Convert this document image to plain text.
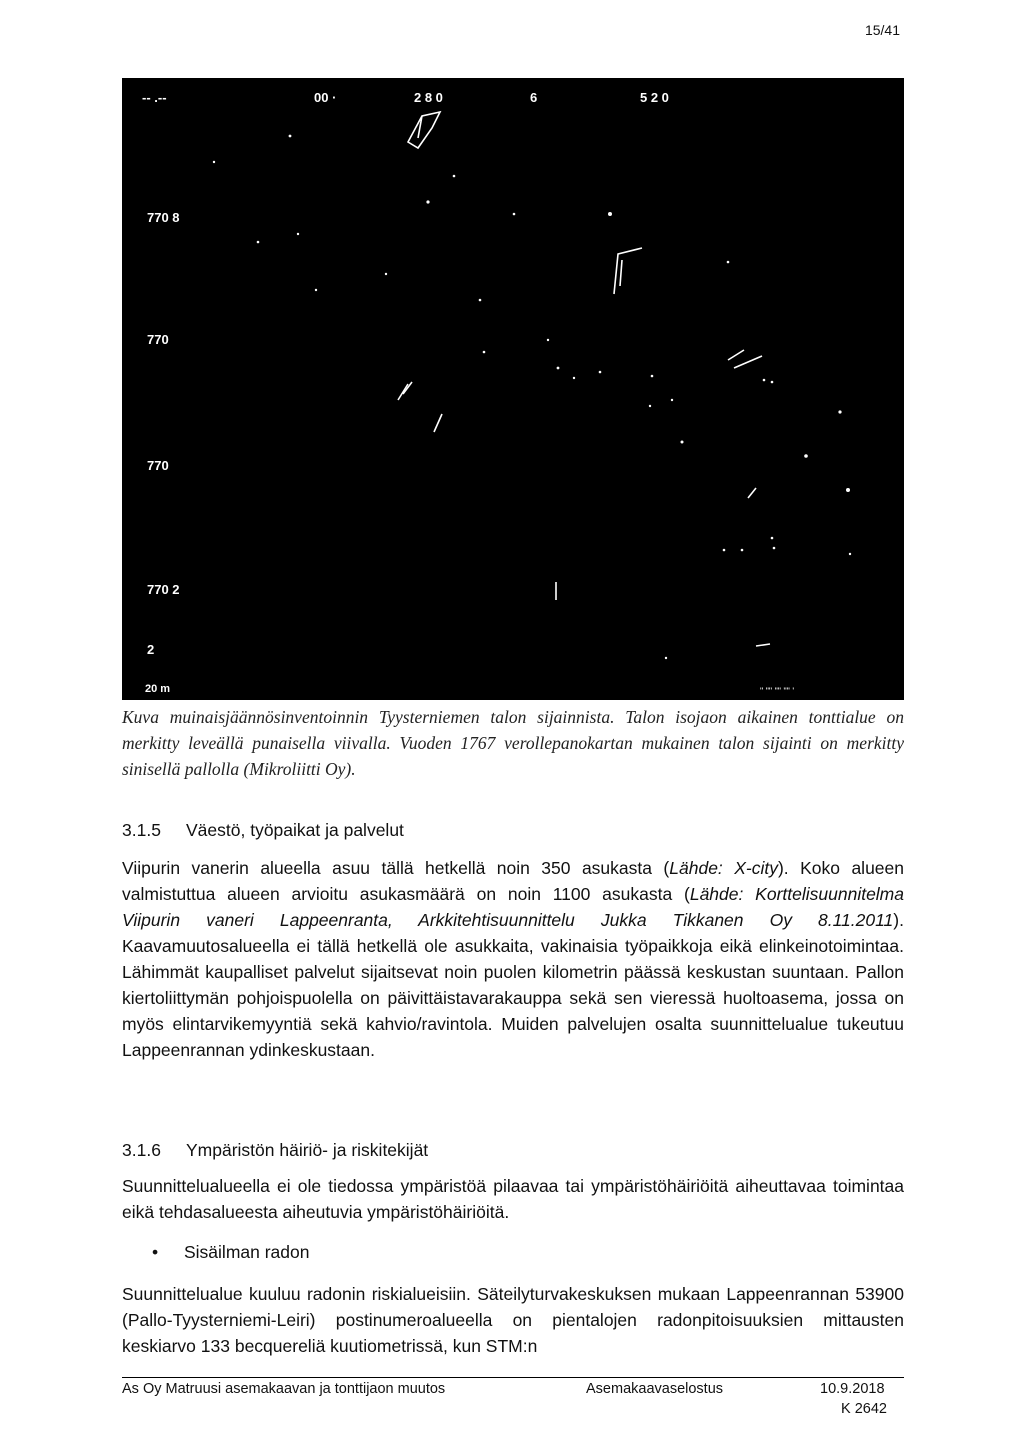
15/41
-- .--	00 ·	2 8 0	6	5 2 0
770 8
770
770
770 2
2
20 m	" "" "" "" '

Kuva muinaisjäännösinventoinnin Tyysterniemen talon sijainnista. Talon isojaon aikainen tonttialue on merkitty leveällä punaisella viivalla. Vuoden 1767 verollepanokartan mukainen talon sijainti on merkitty sinisellä pallolla (Mikroliitti Oy).

3.1.5 Väestö, työpaikat ja palvelut

Viipurin vanerin alueella asuu tällä hetkellä noin 350 asukasta (Lähde: X-city). Koko alueen valmistuttua alueen arvioitu asukasmäärä on noin 1100 asukasta (Lähde: Korttelisuunnitelma Viipurin vaneri Lappeenranta, Arkkitehtisuunnittelu Jukka Tikkanen Oy 8.11.2011). Kaavamuutosalueella ei tällä hetkellä ole asukkaita, vakinaisia työpaikkoja eikä elinkeinotoimintaa. Lähimmät kaupalliset palvelut sijaitsevat noin puolen kilometrin päässä keskustan suuntaan. Pallon kiertoliittymän pohjoispuolella on päivittäistavarakauppa sekä sen vieressä huoltoasema, jossa on myös elintarvikemyyntiä sekä kahvio/ravintola. Muiden palvelujen osalta suunnittelualue tukeutuu Lappeenrannan ydinkeskustaan.

3.1.6 Ympäristön häiriö- ja riskitekijät

Suunnittelualueella ei ole tiedossa ympäristöä pilaavaa tai ympäristöhäiriöitä aiheuttavaa toimintaa eikä tehdasalueesta aiheutuvia ympäristöhäiriöitä.

• Sisäilman radon

Suunnittelualue kuuluu radonin riskialueisiin. Säteilyturvakeskuksen mukaan Lappeenrannan 53900 (Pallo-Tyysterniemi-Leiri) postinumeroalueella on pientalojen radonpitoisuuksien mittausten keskiarvo 133 becquereliä kuutiometrissä, kun STM:n

As Oy Matruusi asemakaavan ja tonttijaon muutos	Asemakaavaselostus	10.9.2018
K 2642
